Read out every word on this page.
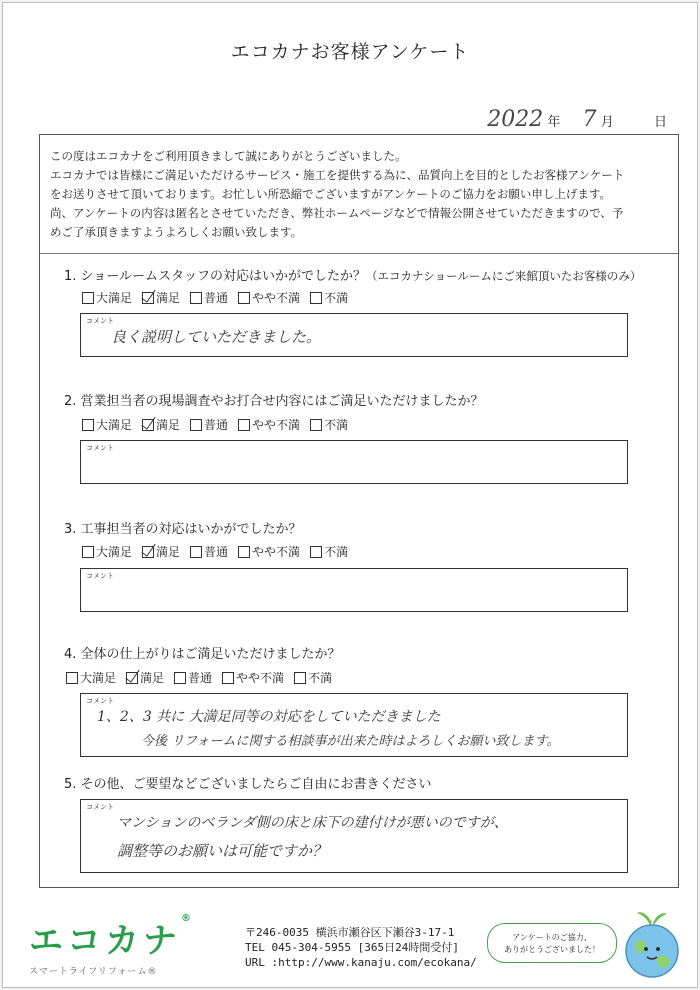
エコカナお客様アンケート
2022 年 7 月	日

この度はエコカナをご利用頂きまして誠にありがとうございました。

エコカナでは皆様にご満足いただけるサービス・施工を提供する為に、品質向上を目的としたお客様アンケート

をお送りさせて頂いております。お忙しい所恐縮でございますがアンケートのご協力をお願い申し上げます。

尚、アンケートの内容は匿名とさせていただき、弊社ホームページなどで情報公開させていただきますので、予

めご了承頂きますようよろしくお願い致します。

1. ショールームスタッフの対応はいかがでしたか？（エコカナショールームにご来館頂いたお客様のみ）
大満足 満足 普通 やや不満 不満
コメント
良く説明していただきました。
2. 営業担当者の現場調査やお打合せ内容にはご満足いただけましたか？
大満足 満足 普通 やや不満 不満
コメント
3. 工事担当者の対応はいかがでしたか？
大満足 満足 普通 やや不満 不満
コメント
4. 全体の仕上がりはご満足いただけましたか？
大満足 満足 普通 やや不満 不満
コメント
1、2、3 共に 大満足同等の対応をしていただきました
今後 リフォームに関する相談事が出来た時はよろしくお願い致します。
5. その他、ご要望などございましたらご自由にお書きください
コメント
マンションのベランダ側の床と床下の建付けが悪いのですが、
調整等のお願いは可能ですか？
エコカナ®
スマートライフリフォーム®
〒246-0035 横浜市瀬谷区下瀬谷3-17-1
TEL 045-304-5955 [365日24時間受付]
URL :http://www.kanaju.com/ecokana/
アンケートのご協力、
ありがとうございました！
